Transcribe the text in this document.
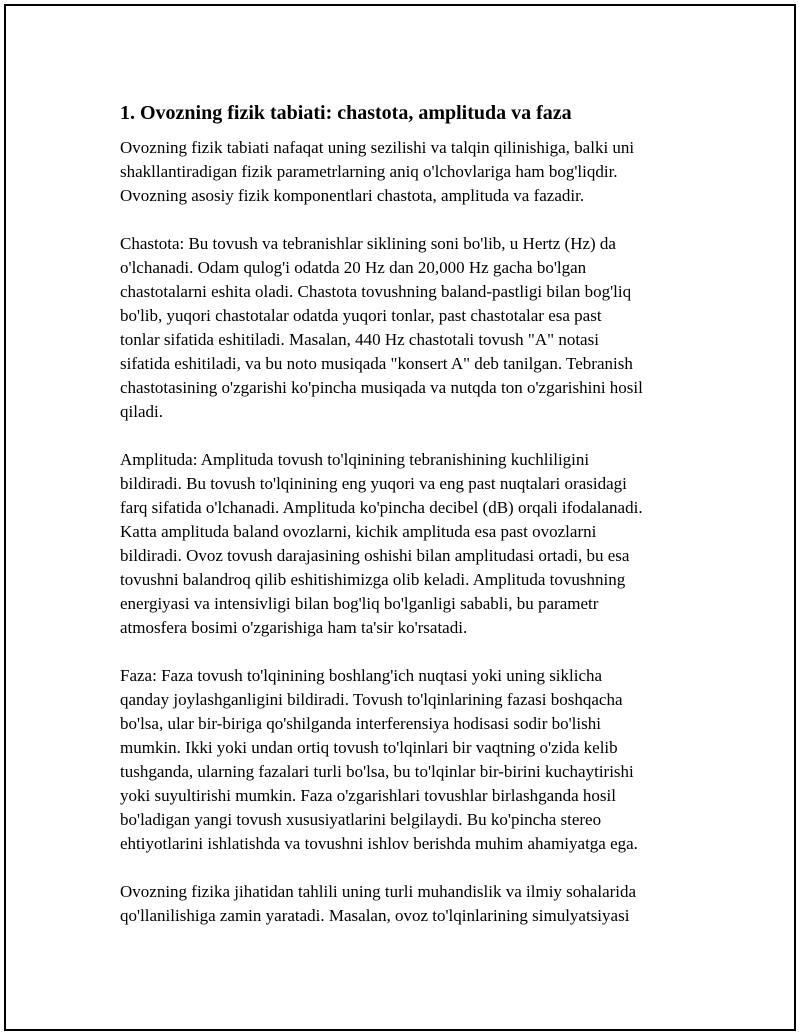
1. Ovozning fizik tabiati: chastota, amplituda va faza

Ovozning fizik tabiati nafaqat uning sezilishi va talqin qilinishiga, balki uni
shakllantiradigan fizik parametrlarning aniq o'lchovlariga ham bog'liqdir.
Ovozning asosiy fizik komponentlari chastota, amplituda va fazadir.

Chastota: Bu tovush va tebranishlar siklining soni bo'lib, u Hertz (Hz) da
o'lchanadi. Odam qulog'i odatda 20 Hz dan 20,000 Hz gacha bo'lgan
chastotalarni eshita oladi. Chastota tovushning baland-pastligi bilan bog'liq
bo'lib, yuqori chastotalar odatda yuqori tonlar, past chastotalar esa past
tonlar sifatida eshitiladi. Masalan, 440 Hz chastotali tovush "A" notasi
sifatida eshitiladi, va bu noto musiqada "konsert A" deb tanilgan. Tebranish
chastotasining o'zgarishi ko'pincha musiqada va nutqda ton o'zgarishini hosil
qiladi.

Amplituda: Amplituda tovush to'lqinining tebranishining kuchliligini
bildiradi. Bu tovush to'lqinining eng yuqori va eng past nuqtalari orasidagi
farq sifatida o'lchanadi. Amplituda ko'pincha decibel (dB) orqali ifodalanadi.
Katta amplituda baland ovozlarni, kichik amplituda esa past ovozlarni
bildiradi. Ovoz tovush darajasining oshishi bilan amplitudasi ortadi, bu esa
tovushni balandroq qilib eshitishimizga olib keladi. Amplituda tovushning
energiyasi va intensivligi bilan bog'liq bo'lganligi sababli, bu parametr
atmosfera bosimi o'zgarishiga ham ta'sir ko'rsatadi.

Faza: Faza tovush to'lqinining boshlang'ich nuqtasi yoki uning siklicha
qanday joylashganligini bildiradi. Tovush to'lqinlarining fazasi boshqacha
bo'lsa, ular bir-biriga qo'shilganda interferensiya hodisasi sodir bo'lishi
mumkin. Ikki yoki undan ortiq tovush to'lqinlari bir vaqtning o'zida kelib
tushganda, ularning fazalari turli bo'lsa, bu to'lqinlar bir-birini kuchaytirishi
yoki suyultirishi mumkin. Faza o'zgarishlari tovushlar birlashganda hosil
bo'ladigan yangi tovush xususiyatlarini belgilaydi. Bu ko'pincha stereo
ehtiyotlarini ishlatishda va tovushni ishlov berishda muhim ahamiyatga ega.

Ovozning fizika jihatidan tahlili uning turli muhandislik va ilmiy sohalarida
qo'llanilishiga zamin yaratadi. Masalan, ovoz to'lqinlarining simulyatsiyasi
